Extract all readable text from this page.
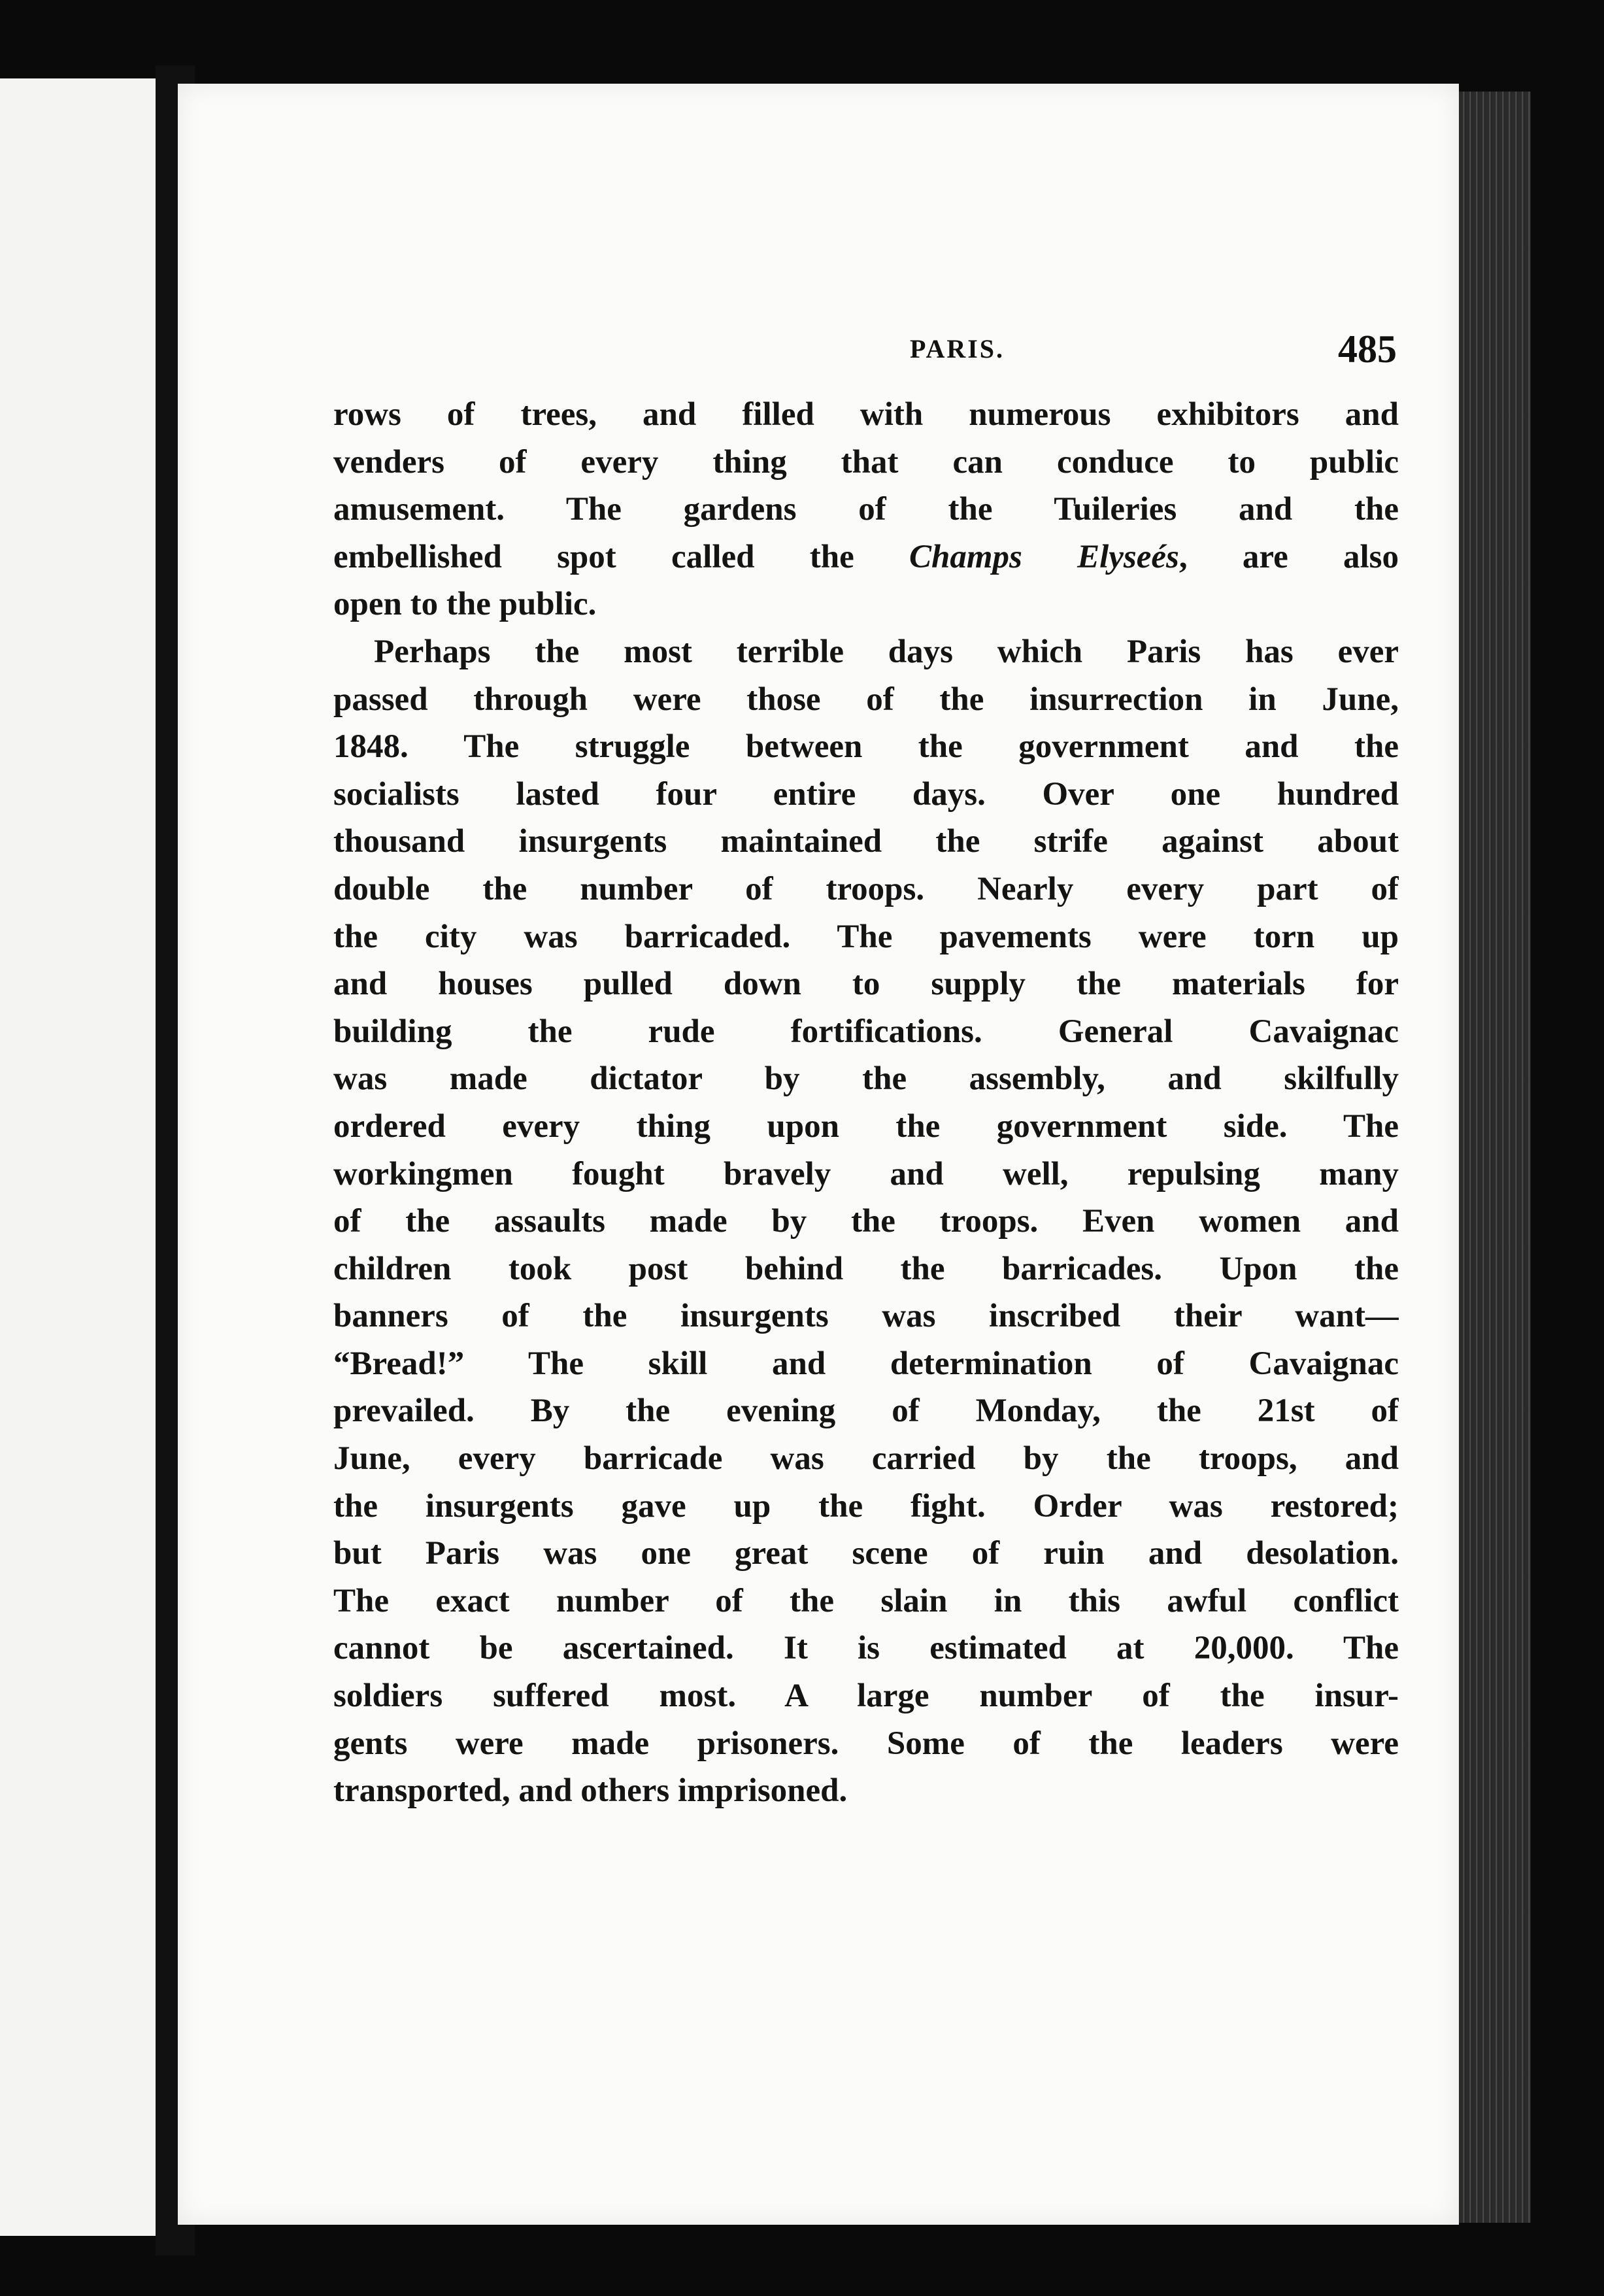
PARIS.	485
rows of trees, and filled with numerous exhibitors and
venders of every thing that can conduce to public
amusement. The gardens of the Tuileries and the
embellished spot called the Champs Elyseés, are also
open to the public.
Perhaps the most terrible days which Paris has ever
passed through were those of the insurrection in June,
1848. The struggle between the government and the
socialists lasted four entire days. Over one hundred
thousand insurgents maintained the strife against about
double the number of troops. Nearly every part of
the city was barricaded. The pavements were torn up
and houses pulled down to supply the materials for
building the rude fortifications. General Cavaignac
was made dictator by the assembly, and skilfully
ordered every thing upon the government side. The
workingmen fought bravely and well, repulsing many
of the assaults made by the troops. Even women and
children took post behind the barricades. Upon the
banners of the insurgents was inscribed their want—
“Bread!” The skill and determination of Cavaignac
prevailed. By the evening of Monday, the 21st of
June, every barricade was carried by the troops, and
the insurgents gave up the fight. Order was restored;
but Paris was one great scene of ruin and desolation.
The exact number of the slain in this awful conflict
cannot be ascertained. It is estimated at 20,000. The
soldiers suffered most. A large number of the insur-
gents were made prisoners. Some of the leaders were
transported, and others imprisoned.
